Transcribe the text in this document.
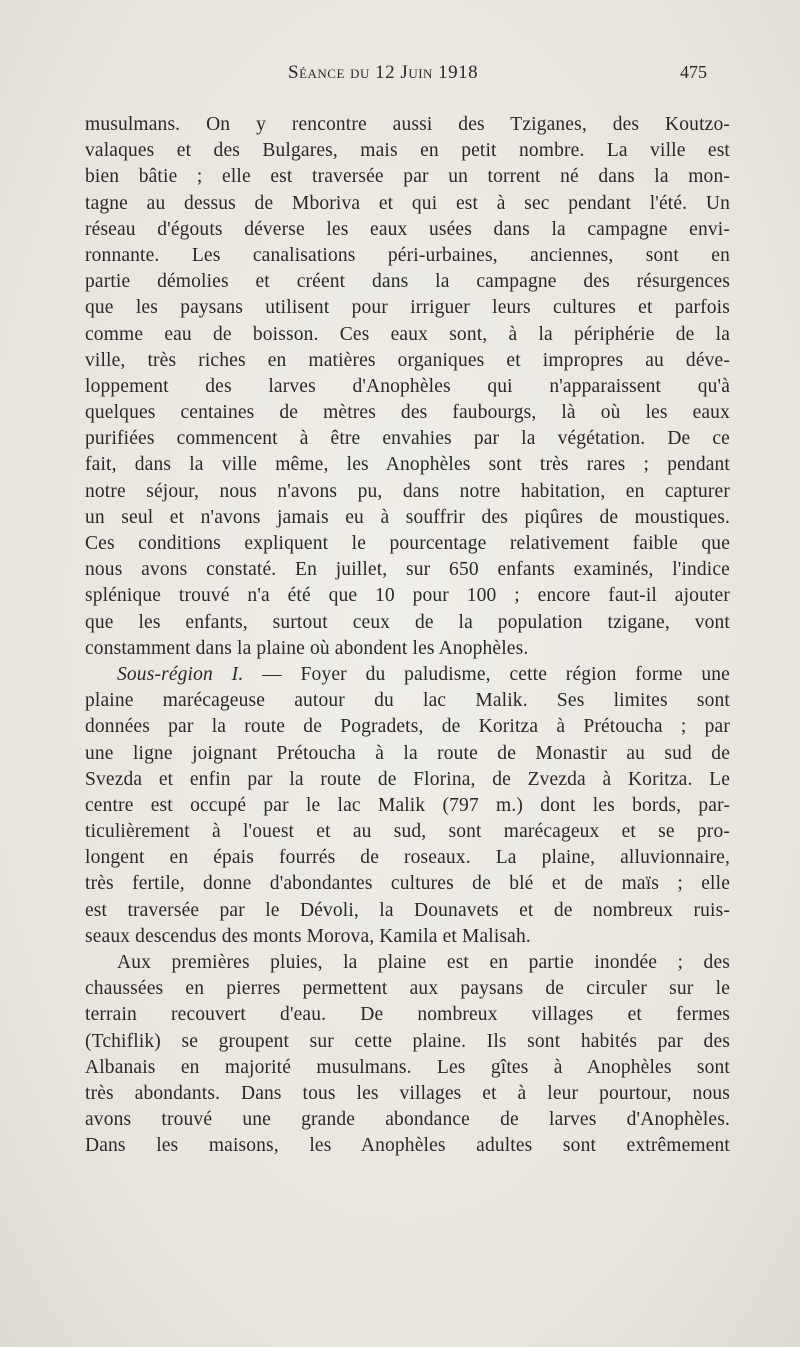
Séance du 12 Juin 1918	475
musulmans. On y rencontre aussi des Tziganes, des Koutzo-
valaques et des Bulgares, mais en petit nombre. La ville est
bien bâtie ; elle est traversée par un torrent né dans la mon-
tagne au dessus de Mboriva et qui est à sec pendant l'été. Un
réseau d'égouts déverse les eaux usées dans la campagne envi-
ronnante. Les canalisations péri-urbaines, anciennes, sont en
partie démolies et créent dans la campagne des résurgences
que les paysans utilisent pour irriguer leurs cultures et parfois
comme eau de boisson. Ces eaux sont, à la périphérie de la
ville, très riches en matières organiques et impropres au déve-
loppement des larves d'Anophèles qui n'apparaissent qu'à
quelques centaines de mètres des faubourgs, là où les eaux
purifiées commencent à être envahies par la végétation. De ce
fait, dans la ville même, les Anophèles sont très rares ; pendant
notre séjour, nous n'avons pu, dans notre habitation, en capturer
un seul et n'avons jamais eu à souffrir des piqûres de moustiques.
Ces conditions expliquent le pourcentage relativement faible que
nous avons constaté. En juillet, sur 650 enfants examinés, l'indice
splénique trouvé n'a été que 10 pour 100 ; encore faut-il ajouter
que les enfants, surtout ceux de la population tzigane, vont
constamment dans la plaine où abondent les Anophèles.
Sous-région I. — Foyer du paludisme, cette région forme une
plaine marécageuse autour du lac Malik. Ses limites sont
données par la route de Pogradets, de Koritza à Prétoucha ; par
une ligne joignant Prétoucha à la route de Monastir au sud de
Svezda et enfin par la route de Florina, de Zvezda à Koritza. Le
centre est occupé par le lac Malik (797 m.) dont les bords, par-
ticulièrement à l'ouest et au sud, sont marécageux et se pro-
longent en épais fourrés de roseaux. La plaine, alluvionnaire,
très fertile, donne d'abondantes cultures de blé et de maïs ; elle
est traversée par le Dévoli, la Dounavets et de nombreux ruis-
seaux descendus des monts Morova, Kamila et Malisah.
Aux premières pluies, la plaine est en partie inondée ; des
chaussées en pierres permettent aux paysans de circuler sur le
terrain recouvert d'eau. De nombreux villages et fermes
(Tchiflik) se groupent sur cette plaine. Ils sont habités par des
Albanais en majorité musulmans. Les gîtes à Anophèles sont
très abondants. Dans tous les villages et à leur pourtour, nous
avons trouvé une grande abondance de larves d'Anophèles.
Dans les maisons, les Anophèles adultes sont extrêmement
